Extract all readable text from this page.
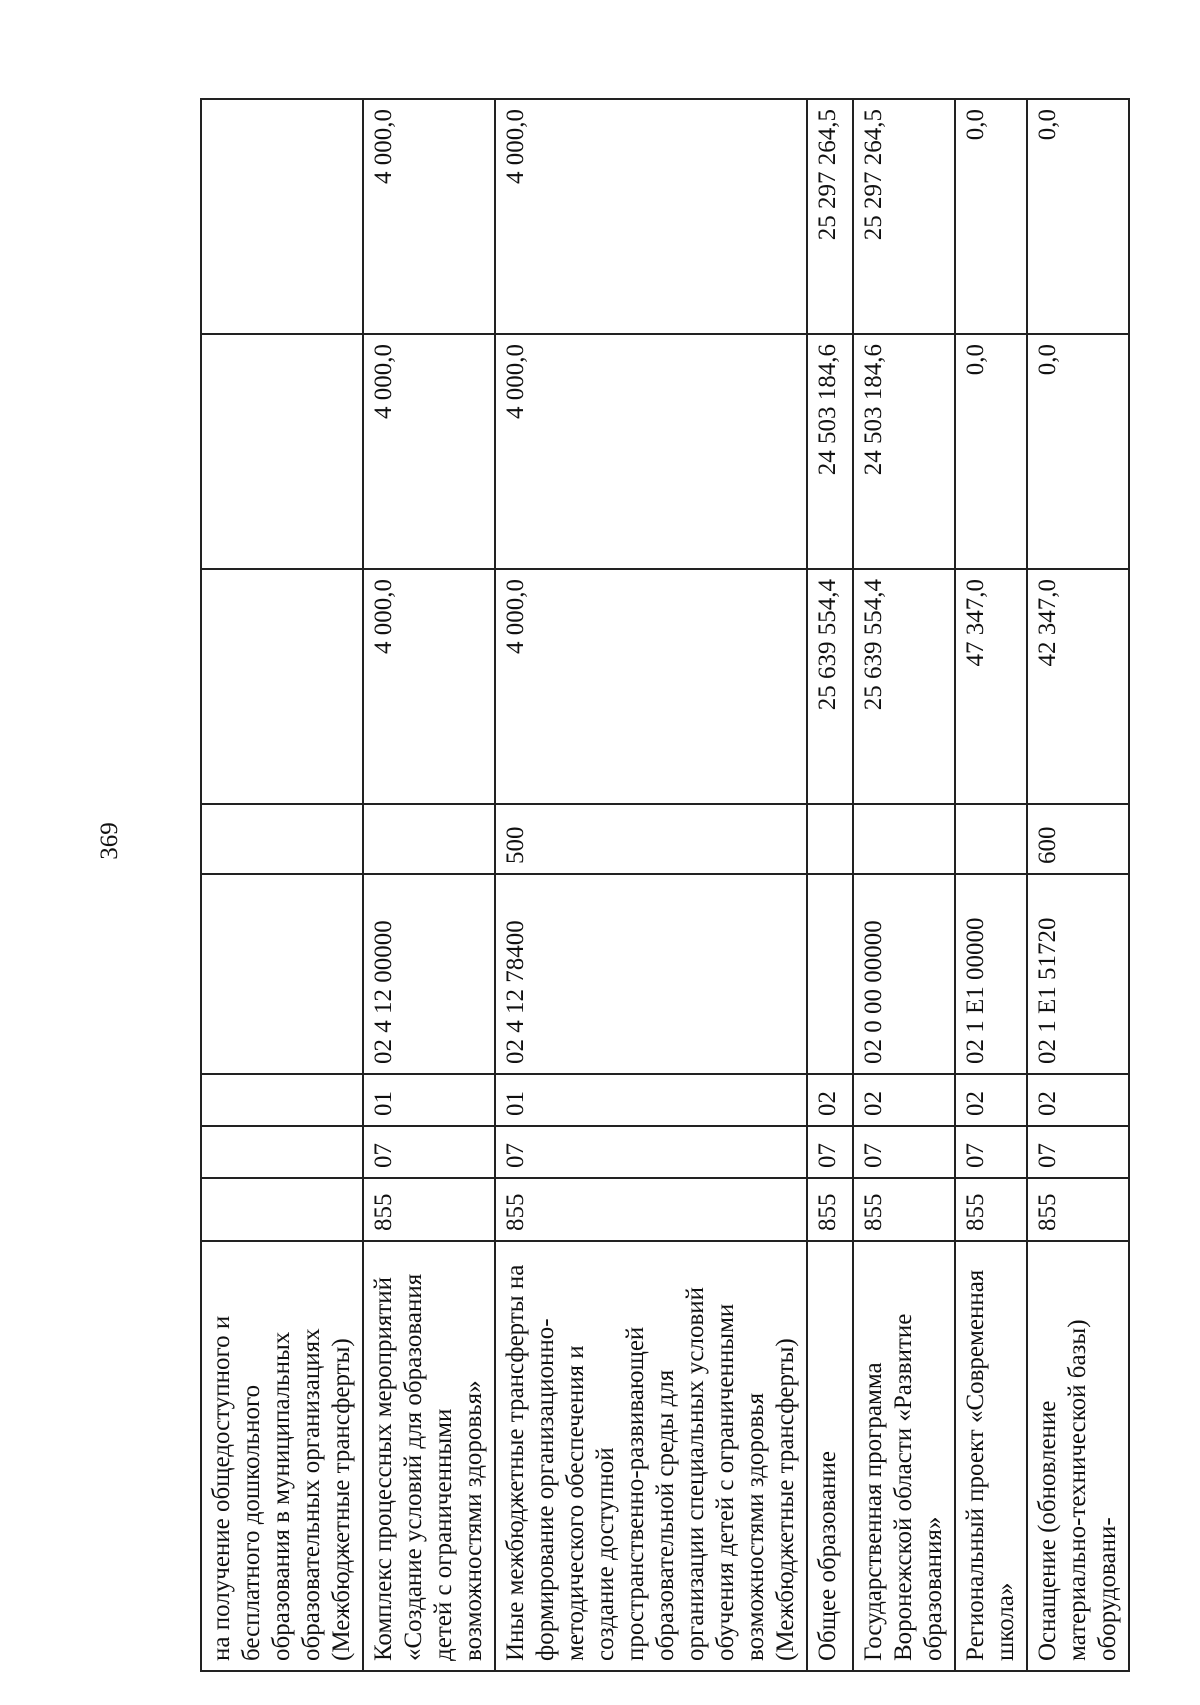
369
на получение общедоступного и бесплатного дошкольного образования в муниципальных образовательных организациях (Межбюджетные трансферты)								
Комплекс процессных мероприятий «Создание условий для образования детей с ограниченными возможностями здоровья»	855	07	01	02 4 12 00000		4 000,0	4 000,0	4 000,0
Иные межбюджетные трансферты на формирование организационно-методического обеспечения и создание доступной пространственно-развивающей образовательной среды для организации специальных условий обучения детей с ограниченными возможностями здоровья (Межбюджетные трансферты)	855	07	01	02 4 12 78400	500	4 000,0	4 000,0	4 000,0
Общее образование	855	07	02			25 639 554,4	24 503 184,6	25 297 264,5
Государственная программа Воронежской области «Развитие образования»	855	07	02	02 0 00 00000		25 639 554,4	24 503 184,6	25 297 264,5
Региональный проект «Современная школа»	855	07	02	02 1 E1 00000		47 347,0	0,0	0,0
Оснащение (обновление материально-технической базы) оборудовани-	855	07	02	02 1 E1 51720	600	42 347,0	0,0	0,0
